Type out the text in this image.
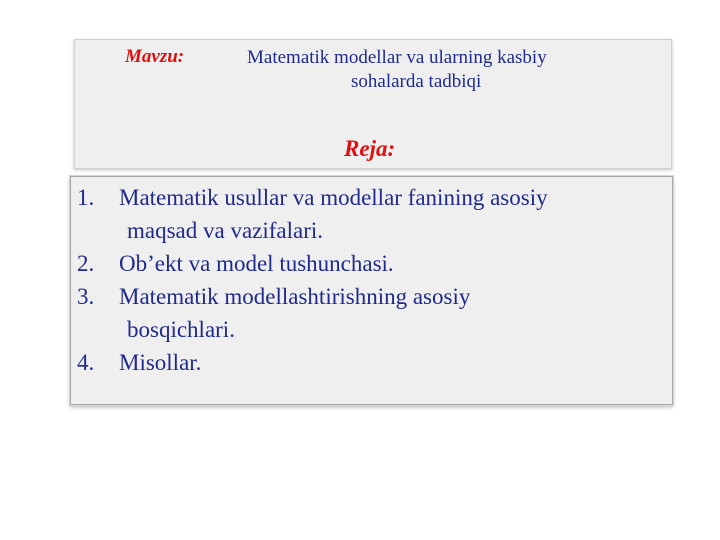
Mavzu:	Matematik modellar va ularning kasbiy
sohalarda tadbiqi
Reja:
1.	Matematik usullar va modellar fanining asosiy
maqsad va vazifalari.
2.	Ob’ekt va model tushunchasi.
3.	Matematik modellashtirishning asosiy
bosqichlari.
4.	Misollar.
